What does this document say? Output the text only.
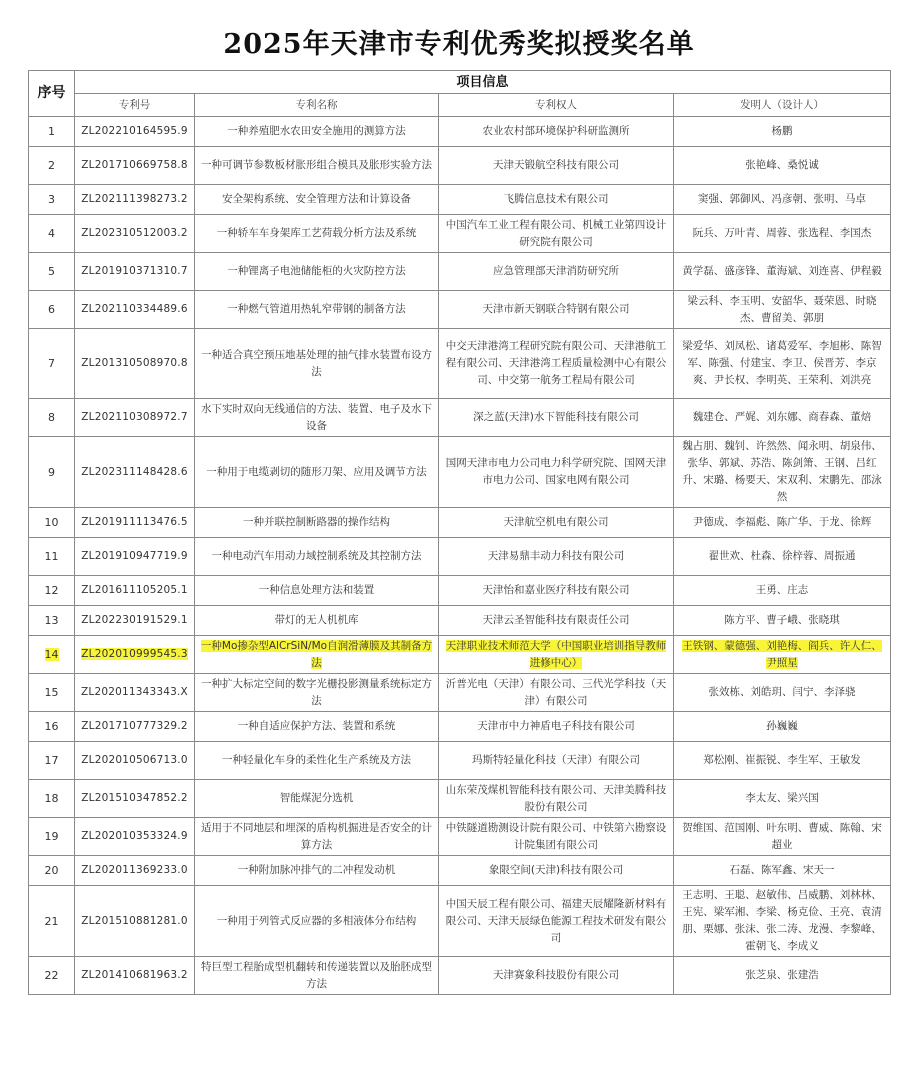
2025年天津市专利优秀奖拟授奖名单
序号	项目信息			
	专利号	专利名称	专利权人	发明人（设计人）
1	ZL202210164595.9	一种养殖肥水农田安全施用的测算方法	农业农村部环境保护科研监测所	杨鹏
2	ZL201710669758.8	一种可调节参数板材胀形组合模具及胀形实验方法	天津天锻航空科技有限公司	张艳峰、桑悦诚
3	ZL202111398273.2	安全架构系统、安全管理方法和计算设备	飞腾信息技术有限公司	窦强、郭御风、冯彦朝、张明、马卓
4	ZL202310512003.2	一种轿车车身架库工艺荷载分析方法及系统	中国汽车工业工程有限公司、机械工业第四设计研究院有限公司	阮兵、万叶青、周蓉、张选程、李国杰
5	ZL201910371310.7	一种锂离子电池储能柜的火灾防控方法	应急管理部天津消防研究所	黄学磊、盛彦锋、董海斌、刘连喜、伊程毅
6	ZL202110334489.6	一种燃气管道用热轧窄带钢的制备方法	天津市新天钢联合特钢有限公司	梁云科、李玉明、安韶华、聂荣恩、时晓杰、曹留美、郭朋
7	ZL201310508970.8	一种适合真空预压地基处理的抽气排水装置布设方法	中交天津港湾工程研究院有限公司、天津港航工程有限公司、天津港湾工程质量检测中心有限公司、中交第一航务工程局有限公司	梁爱华、刘凤松、诸葛爱军、李旭彬、陈智军、陈强、付建宝、李卫、侯晋芳、李京爽、尹长权、李明英、王荣利、刘洪亮
8	ZL202110308972.7	水下实时双向无线通信的方法、装置、电子及水下设备	深之蓝(天津)水下智能科技有限公司	魏建仓、严娓、刘东娜、商春森、董焙
9	ZL202311148428.6	一种用于电缆剥切的随形刀架、应用及调节方法	国网天津市电力公司电力科学研究院、国网天津市电力公司、国家电网有限公司	魏占朋、魏钊、许然然、闻永明、胡泉伟、张华、郭斌、苏浩、陈剑箫、王钢、吕红升、宋璐、杨要天、宋双利、宋鹏先、邵泳然
10	ZL201911113476.5	一种并联控制断路器的操作结构	天津航空机电有限公司	尹德成、李福彪、陈广华、于龙、徐辉
11	ZL201910947719.9	一种电动汽车用动力域控制系统及其控制方法	天津易鼎丰动力科技有限公司	翟世欢、杜森、徐梓蓉、周振通
12	ZL201611105205.1	一种信息处理方法和装置	天津怡和嘉业医疗科技有限公司	王勇、庄志
13	ZL202230191529.1	带灯的无人机机库	天津云圣智能科技有限责任公司	陈方平、曹子峨、张晓琪
14	ZL202010999545.3	一种Mo掺杂型AlCrSiN/Mo自润滑薄膜及其制备方法	天津职业技术师范大学（中国职业培训指导教师进修中心）	王铁钢、蒙德强、刘艳梅、阎兵、许人仁、尹照星
15	ZL202011343343.X	一种扩大标定空间的数字光栅投影测量系统标定方法	沂普光电（天津）有限公司、三代光学科技（天津）有限公司	张效栋、刘皓玥、闫宁、李泽骁
16	ZL201710777329.2	一种自适应保护方法、装置和系统	天津市中力神盾电子科技有限公司	孙巍巍
17	ZL202010506713.0	一种轻量化车身的柔性化生产系统及方法	玛斯特轻量化科技（天津）有限公司	郑松刚、崔振锐、李生军、王敏发
18	ZL201510347852.2	智能煤泥分选机	山东荣茂煤机智能科技有限公司、天津美腾科技股份有限公司	李太友、梁兴国
19	ZL202010353324.9	适用于不同地层和埋深的盾构机掘进是否安全的计算方法	中铁隧道勘测设计院有限公司、中铁第六勘察设计院集团有限公司	贺维国、范国刚、叶东明、曹威、陈翰、宋超业
20	ZL202011369233.0	一种附加脉冲排气的二冲程发动机	象限空间(天津)科技有限公司	石磊、陈军鑫、宋天一
21	ZL201510881281.0	一种用于列管式反应器的多相液体分布结构	中国天辰工程有限公司、福建天辰耀隆新材料有限公司、天津天辰绿色能源工程技术研发有限公司	王志明、王聪、赵敏伟、吕威鹏、刘林林、王宪、梁军湘、李梁、杨克俭、王亮、袁清朋、栗娜、张沫、张二涛、龙漫、李黎峰、霍朝飞、李成义
22	ZL201410681963.2	特巨型工程胎成型机翻转和传递装置以及胎胚成型方法	天津赛象科技股份有限公司	张芝泉、张建浩
